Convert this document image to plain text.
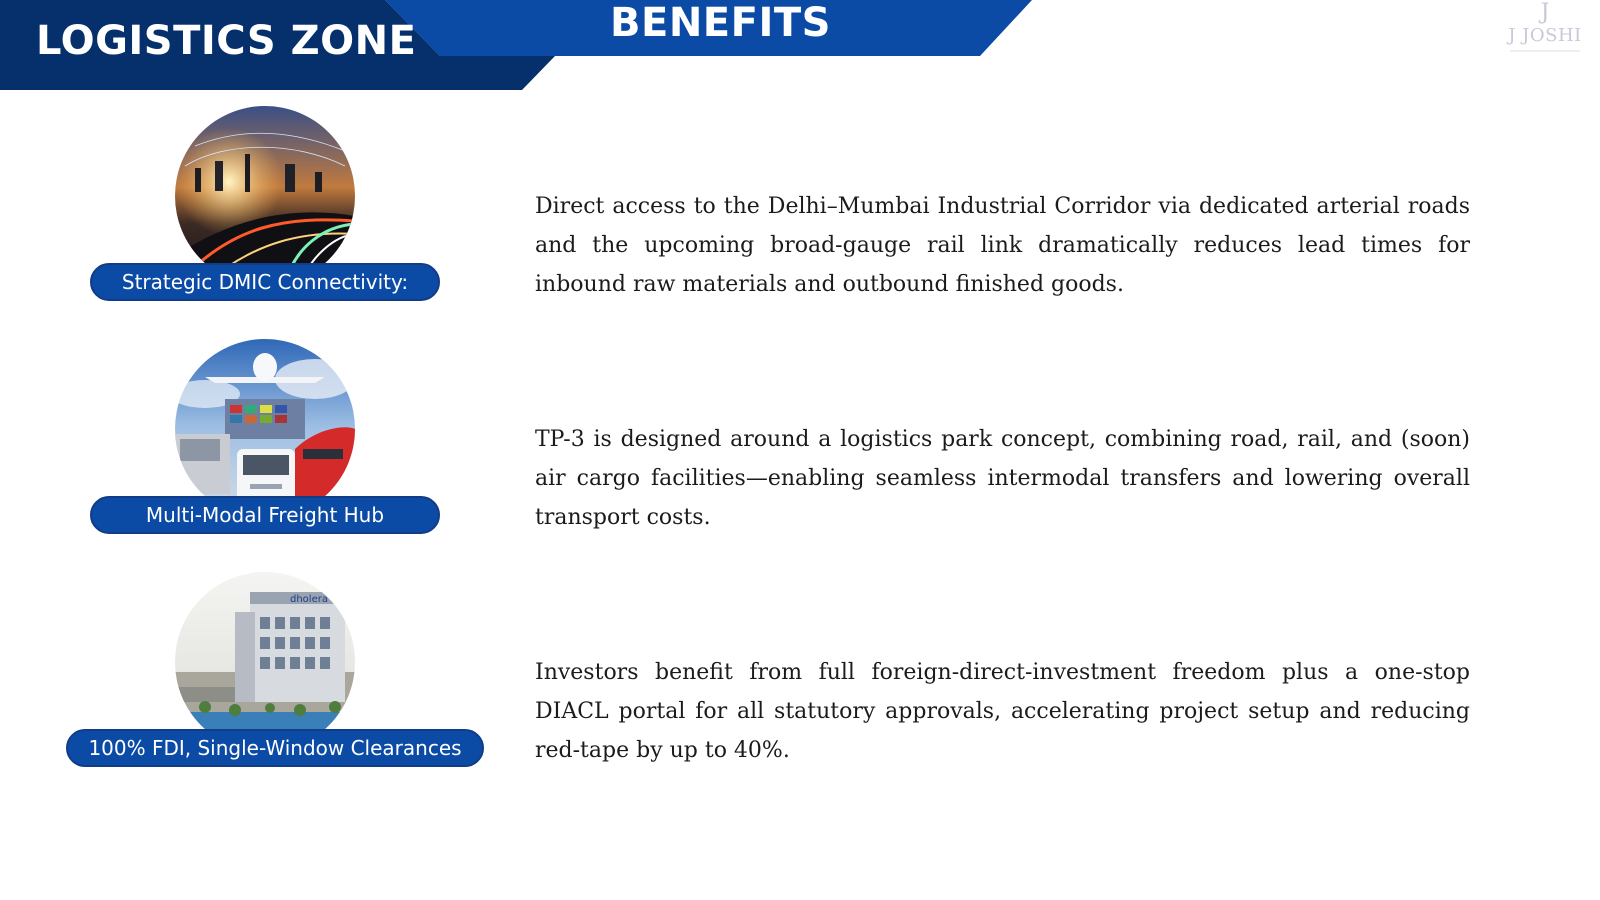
LOGISTICS ZONE	BENEFITS	J
J JOSHI
Strategic DMIC Connectivity:
Direct access to the Delhi–Mumbai Industrial Corridor via dedicated arterial roads and the upcoming broad-gauge rail link dramatically reduces lead times for inbound raw materials and outbound finished goods.
Multi-Modal Freight Hub
TP-3 is designed around a logistics park concept, combining road, rail, and (soon) air cargo facilities—enabling seamless intermodal transfers and lowering overall transport costs.
dholera
100% FDI, Single-Window Clearances
Investors benefit from full foreign-direct-investment freedom plus a one-stop DIACL portal for all statutory approvals, accelerating project setup and reducing red-tape by up to 40%.
